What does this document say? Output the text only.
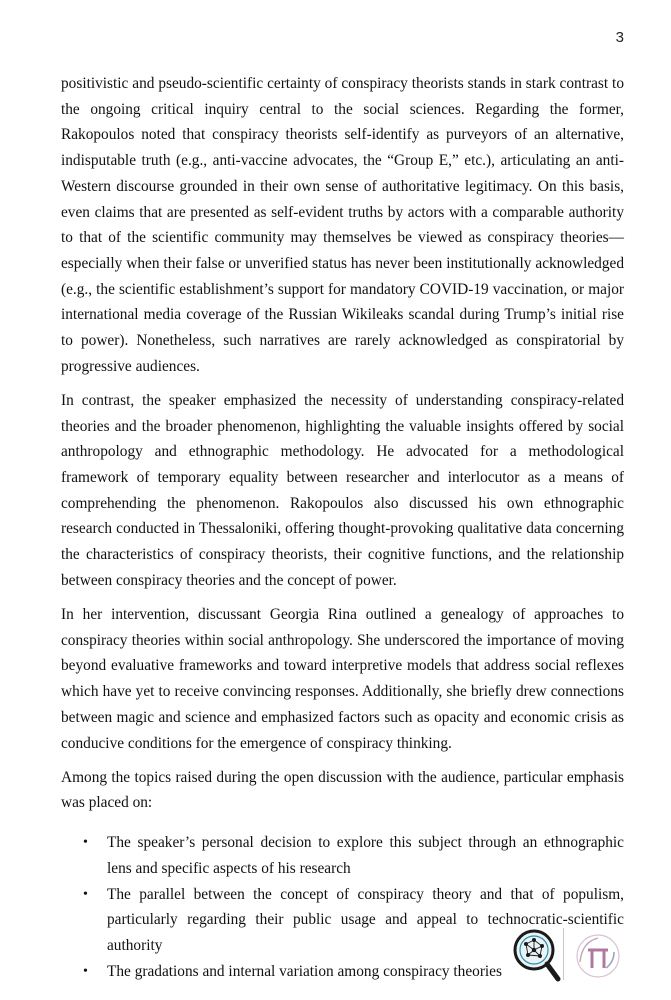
3

positivistic and pseudo-scientific certainty of conspiracy theorists stands in stark contrast to the ongoing critical inquiry central to the social sciences. Regarding the former, Rakopoulos noted that conspiracy theorists self-identify as purveyors of an alternative, indisputable truth (e.g., anti-vaccine advocates, the “Group E,” etc.), articulating an anti-Western discourse grounded in their own sense of authoritative legitimacy. On this basis, even claims that are presented as self-evident truths by actors with a comparable authority to that of the scientific community may themselves be viewed as conspiracy theories—especially when their false or unverified status has never been institutionally acknowledged (e.g., the scientific establishment’s support for mandatory COVID-19 vaccination, or major international media coverage of the Russian Wikileaks scandal during Trump’s initial rise to power). Nonetheless, such narratives are rarely acknowledged as conspiratorial by progressive audiences.

In contrast, the speaker emphasized the necessity of understanding conspiracy-related theories and the broader phenomenon, highlighting the valuable insights offered by social anthropology and ethnographic methodology. He advocated for a methodological framework of temporary equality between researcher and interlocutor as a means of comprehending the phenomenon. Rakopoulos also discussed his own ethnographic research conducted in Thessaloniki, offering thought-provoking qualitative data concerning the characteristics of conspiracy theorists, their cognitive functions, and the relationship between conspiracy theories and the concept of power.

In her intervention, discussant Georgia Rina outlined a genealogy of approaches to conspiracy theories within social anthropology. She underscored the importance of moving beyond evaluative frameworks and toward interpretive models that address social reflexes which have yet to receive convincing responses. Additionally, she briefly drew connections between magic and science and emphasized factors such as opacity and economic crisis as conducive conditions for the emergence of conspiracy thinking.

Among the topics raised during the open discussion with the audience, particular emphasis was placed on:

• The speaker’s personal decision to explore this subject through an ethnographic lens and specific aspects of his research
• The parallel between the concept of conspiracy theory and that of populism, particularly regarding their public usage and appeal to technocratic-scientific authority
• The gradations and internal variation among conspiracy theories
